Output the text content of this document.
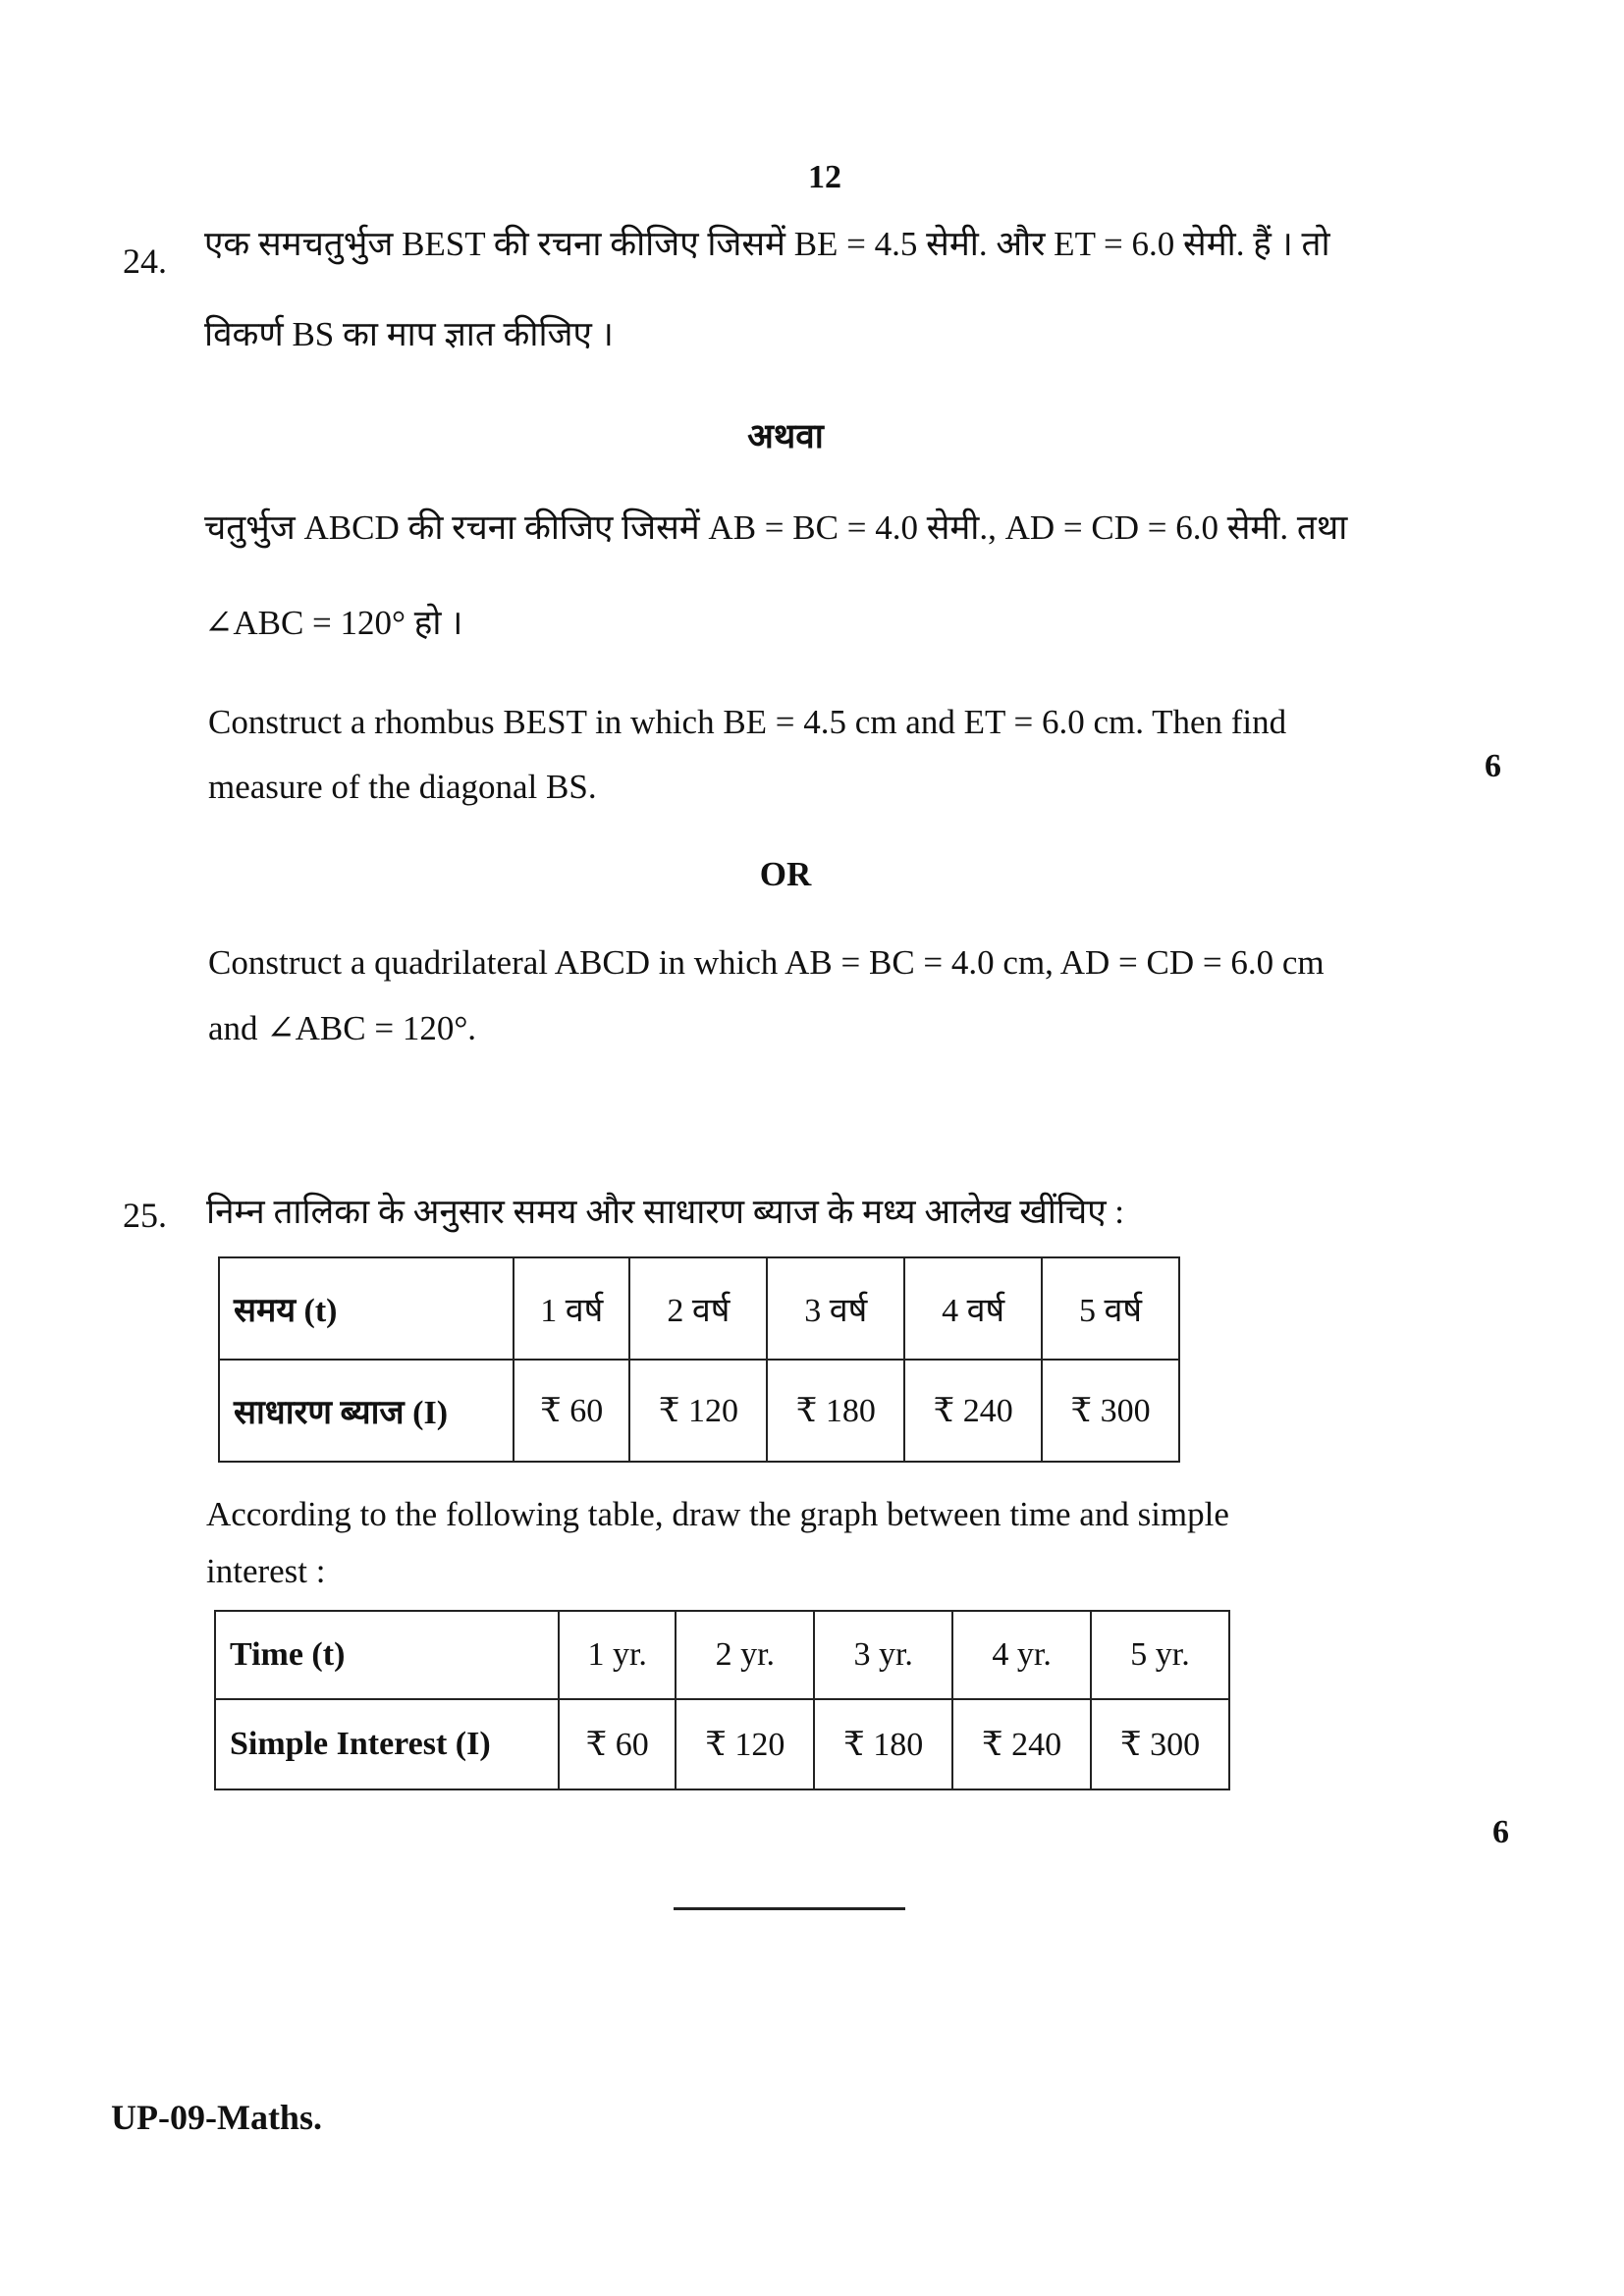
12
24. एक समचतुर्भुज BEST की रचना कीजिए जिसमें BE = 4.5 सेमी. और ET = 6.0 सेमी. हैं । तो
विकर्ण BS का माप ज्ञात कीजिए ।
अथवा
चतुर्भुज ABCD की रचना कीजिए जिसमें AB = BC = 4.0 सेमी., AD = CD = 6.0 सेमी. तथा
∠ABC = 120° हो ।
Construct a rhombus BEST in which BE = 4.5 cm and ET = 6.0 cm. Then find
measure of the diagonal BS.
6
OR
Construct a quadrilateral ABCD in which AB = BC = 4.0 cm, AD = CD = 6.0 cm
and ∠ABC = 120°.
25. निम्न तालिका के अनुसार समय और साधारण ब्याज के मध्य आलेख खींचिए :
समय (t)	1 वर्ष	2 वर्ष	3 वर्ष	4 वर्ष	5 वर्ष
साधारण ब्याज (I)	₹ 60	₹ 120	₹ 180	₹ 240	₹ 300
According to the following table, draw the graph between time and simple
interest :
Time (t)	1 yr.	2 yr.	3 yr.	4 yr.	5 yr.
Simple Interest (I)	₹ 60	₹ 120	₹ 180	₹ 240	₹ 300
6
UP-09-Maths.
